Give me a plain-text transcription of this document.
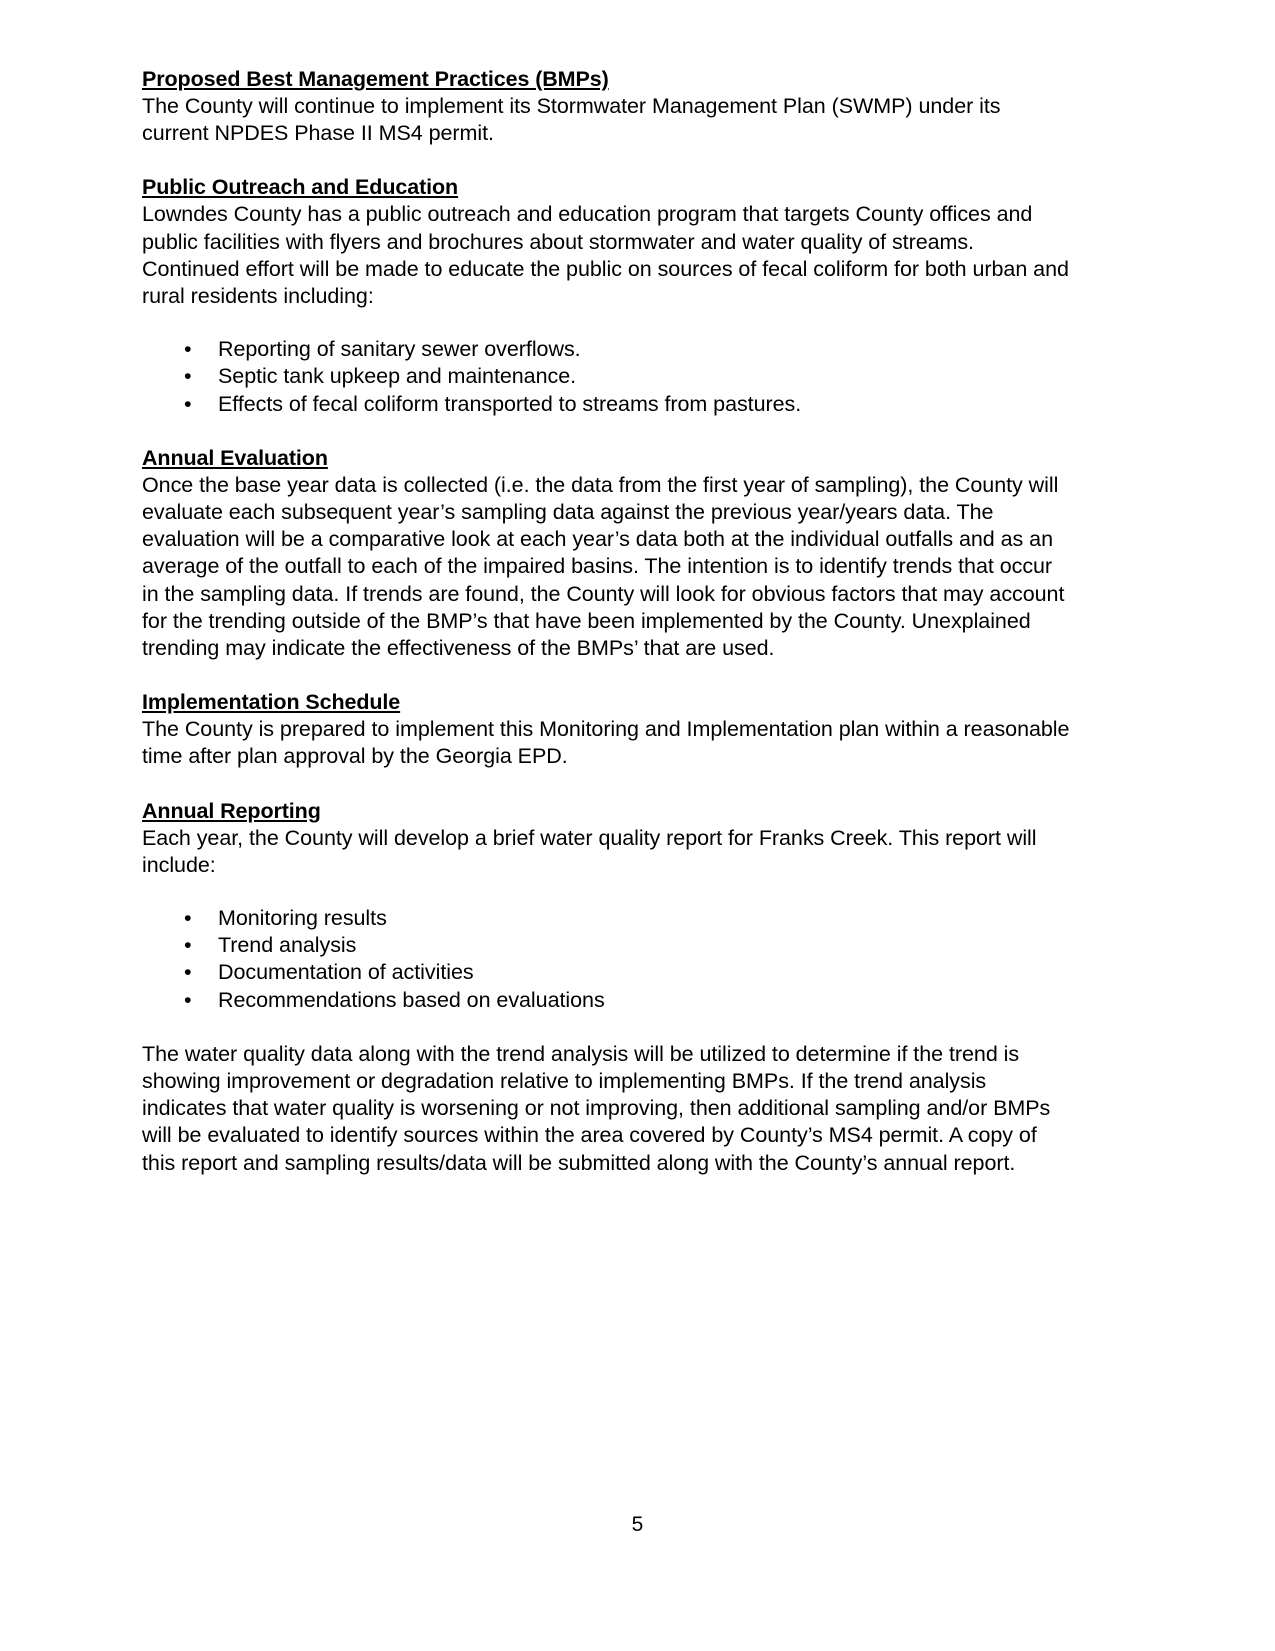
Proposed Best Management Practices (BMPs)

The County will continue to implement its Stormwater Management Plan (SWMP) under its current NPDES Phase II MS4 permit.

Public Outreach and Education

Lowndes County has a public outreach and education program that targets County offices and public facilities with flyers and brochures about stormwater and water quality of streams. Continued effort will be made to educate the public on sources of fecal coliform for both urban and rural residents including:

• Reporting of sanitary sewer overflows.
• Septic tank upkeep and maintenance.
• Effects of fecal coliform transported to streams from pastures.
Annual Evaluation

Once the base year data is collected (i.e. the data from the first year of sampling), the County will evaluate each subsequent year’s sampling data against the previous year/years data. The evaluation will be a comparative look at each year’s data both at the individual outfalls and as an average of the outfall to each of the impaired basins. The intention is to identify trends that occur in the sampling data. If trends are found, the County will look for obvious factors that may account for the trending outside of the BMP’s that have been implemented by the County. Unexplained trending may indicate the effectiveness of the BMPs’ that are used.

Implementation Schedule

The County is prepared to implement this Monitoring and Implementation plan within a reasonable time after plan approval by the Georgia EPD.

Annual Reporting

Each year, the County will develop a brief water quality report for Franks Creek. This report will include:

• Monitoring results
• Trend analysis
• Documentation of activities
• Recommendations based on evaluations

The water quality data along with the trend analysis will be utilized to determine if the trend is showing improvement or degradation relative to implementing BMPs. If the trend analysis indicates that water quality is worsening or not improving, then additional sampling and/or BMPs will be evaluated to identify sources within the area covered by County’s MS4 permit. A copy of this report and sampling results/data will be submitted along with the County’s annual report.

5
